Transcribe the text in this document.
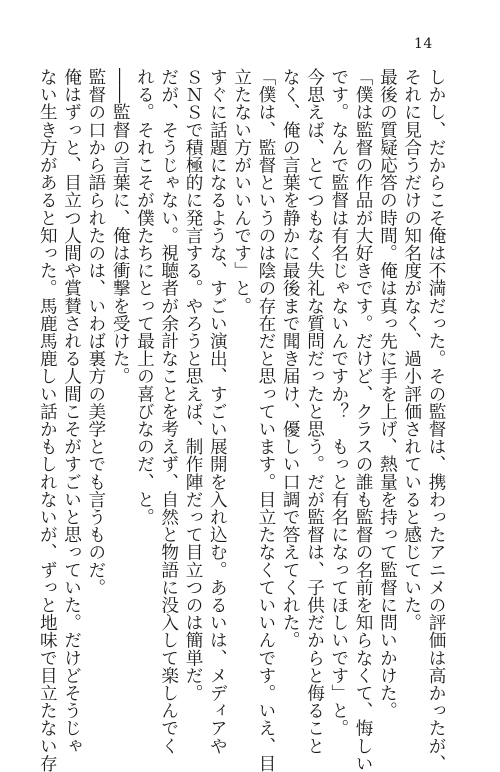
14
しかし、だからこそ俺は不満だった。その監督は、携わったアニメの評価は高かったが、
それに見合うだけの知名度がなく、過小評価されていると感じていた。
最後の質疑応答の時間。俺は真っ先に手を上げ、熱量を持って監督に問いかけた。
「僕は監督の作品が大好きです。だけど、クラスの誰も監督の名前を知らなくて、悔しい
です。なんで監督は有名じゃないんですか？　もっと有名になってほしいです」と。
今思えば、とてつもなく失礼な質問だったと思う。だが監督は、子供だからと侮ること
なく、俺の言葉を静かに最後まで聞き届け、優しい口調で答えてくれた。
「僕は、監督というのは陰の存在だと思っています。目立たなくていいんです。いえ、目
立たない方がいいんです」と。
すぐに話題になるような、すごい演出、すごい展開を入れ込む。あるいは、メディアや
ＳＮＳで積極的に発言する。やろうと思えば、制作陣だって目立つのは簡単だ。
だが、そうじゃない。視聴者が余計なことを考えず、自然と物語に没入して楽しんでく
れる。それこそが僕たちにとって最上の喜びなのだ、と。
――監督の言葉に、俺は衝撃を受けた。
監督の口から語られたのは、いわば裏方の美学とでも言うものだ。
俺はずっと、目立つ人間や賞賛される人間こそがすごいと思っていた。だけどそうじゃ
ない生き方があると知った。馬鹿馬鹿しい話かもしれないが、ずっと地味で目立たない存
